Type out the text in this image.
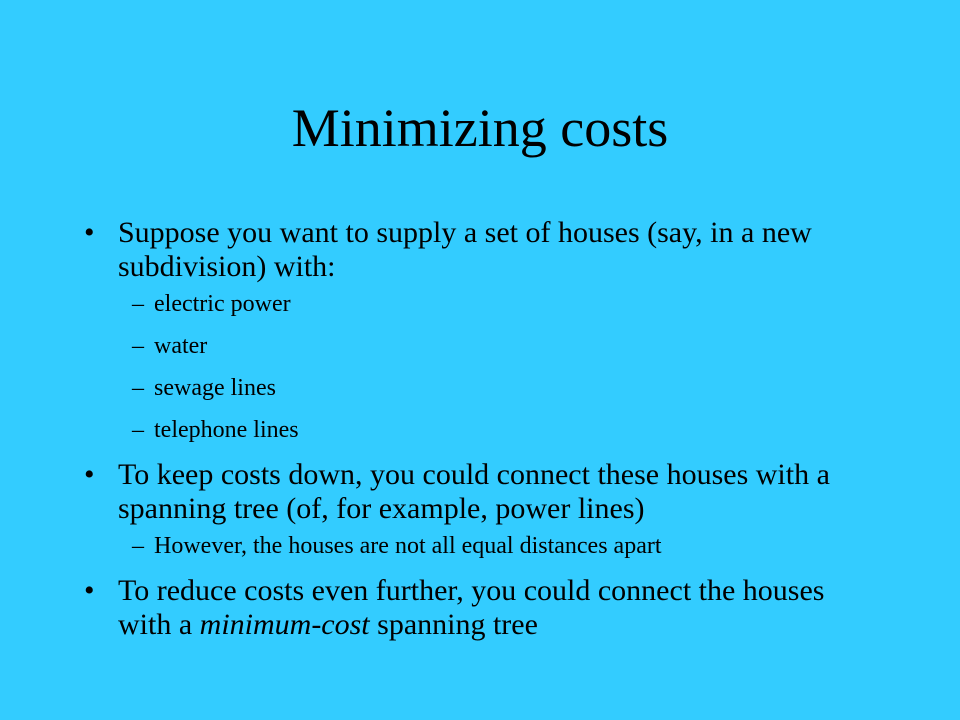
Minimizing costs
• Suppose you want to supply a set of houses (say, in a new subdivision) with:
– electric power
– water
– sewage lines
– telephone lines
• To keep costs down, you could connect these houses with a spanning tree (of, for example, power lines)
– However, the houses are not all equal distances apart
• To reduce costs even further, you could connect the houses with a minimum-cost spanning tree
